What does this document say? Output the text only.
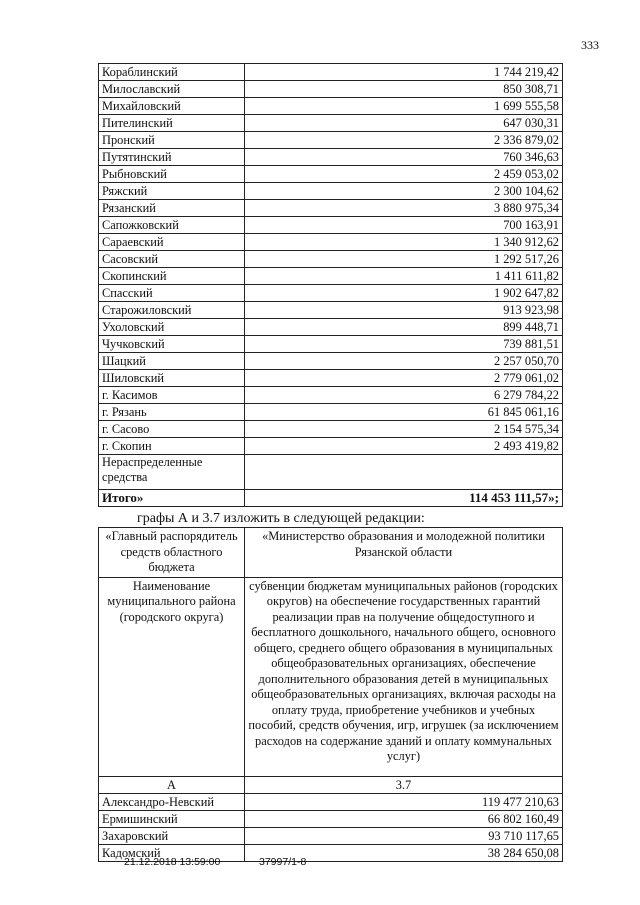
333
Кораблинский	1 744 219,42
Милославский	850 308,71
Михайловский	1 699 555,58
Пителинский	647 030,31
Пронский	2 336 879,02
Путятинский	760 346,63
Рыбновский	2 459 053,02
Ряжский	2 300 104,62
Рязанский	3 880 975,34
Сапожковский	700 163,91
Сараевский	1 340 912,62
Сасовский	1 292 517,26
Скопинский	1 411 611,82
Спасский	1 902 647,82
Старожиловский	913 923,98
Ухоловский	899 448,71
Чучковский	739 881,51
Шацкий	2 257 050,70
Шиловский	2 779 061,02
г. Касимов	6 279 784,22
г. Рязань	61 845 061,16
г. Сасово	2 154 575,34
г. Скопин	2 493 419,82
Нераспределенные средства	
Итого»	114 453 111,57»;
графы А и 3.7 изложить в следующей редакции:
«Главный распорядитель средств областного бюджета	«Министерство образования и молодежной политики Рязанской области
Наименование муниципального района (городского округа)	субвенции бюджетам муниципальных районов (городских округов) на обеспечение государственных гарантий реализации прав на получение общедоступного и бесплатного дошкольного, начального общего, основного общего, среднего общего образования в муниципальных общеобразовательных организациях, обеспечение дополнительного образования детей в муниципальных общеобразовательных организациях, включая расходы на оплату труда, приобретение учебников и учебных пособий, средств обучения, игр, игрушек (за исключением расходов на содержание зданий и оплату коммунальных услуг)
А	3.7
Александро-Невский	119 477 210,63
Ермишинский	66 802 160,49
Захаровский	93 710 117,65
Кадомский	38 284 650,08
21.12.2018 13:59:00	37997/1-8
